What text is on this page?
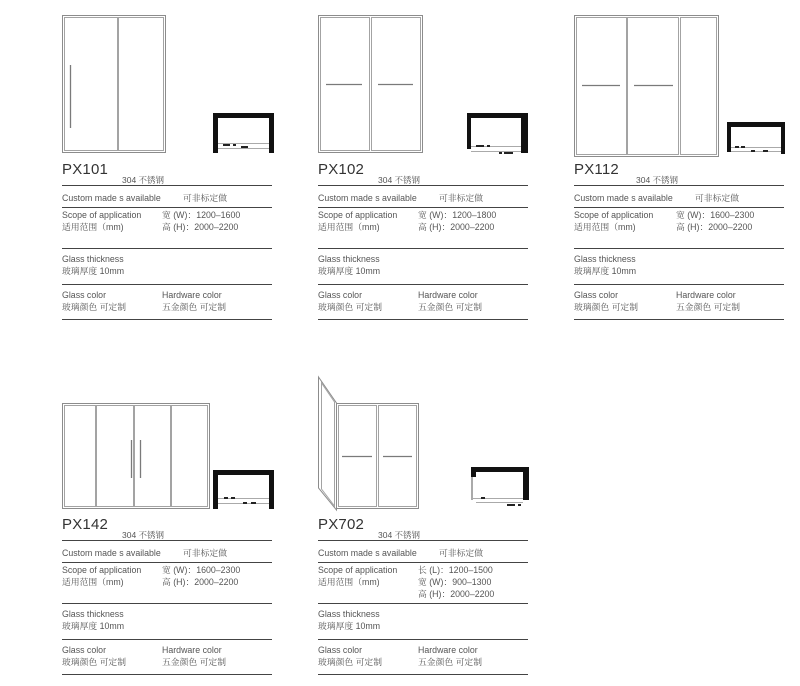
PX101
304 不锈钢
Custom made s available	可非标定做
Scope of application
适用范围（mm)
宽 (W)：1200–1600
高 (H)：2000–2200
Glass thickness
玻璃厚度 10mm
Glass color	Hardware color
玻璃颜色 可定制	五金颜色 可定制
PX102
304 不锈钢
Custom made s available	可非标定做
Scope of application
适用范围（mm)
宽 (W)：1200–1800
高 (H)：2000–2200
Glass thickness
玻璃厚度 10mm
Glass color	Hardware color
玻璃颜色 可定制	五金颜色 可定制
PX112
304 不锈钢
Custom made s available	可非标定做
Scope of application
适用范围（mm)
宽 (W)：1600–2300
高 (H)：2000–2200
Glass thickness
玻璃厚度 10mm
Glass color	Hardware color
玻璃颜色 可定制	五金颜色 可定制
PX142
304 不锈钢
Custom made s available	可非标定做
Scope of application
适用范围（mm)
宽 (W)：1600–2300
高 (H)：2000–2200
Glass thickness
玻璃厚度 10mm
Glass color	Hardware color
玻璃颜色 可定制	五金颜色 可定制
PX702
304 不锈钢
Custom made s available	可非标定做
Scope of application
适用范围（mm)
长 (L)：1200–1500
宽 (W)：900–1300
高 (H)：2000–2200
Glass thickness
玻璃厚度 10mm
Glass color	Hardware color
玻璃颜色 可定制	五金颜色 可定制
